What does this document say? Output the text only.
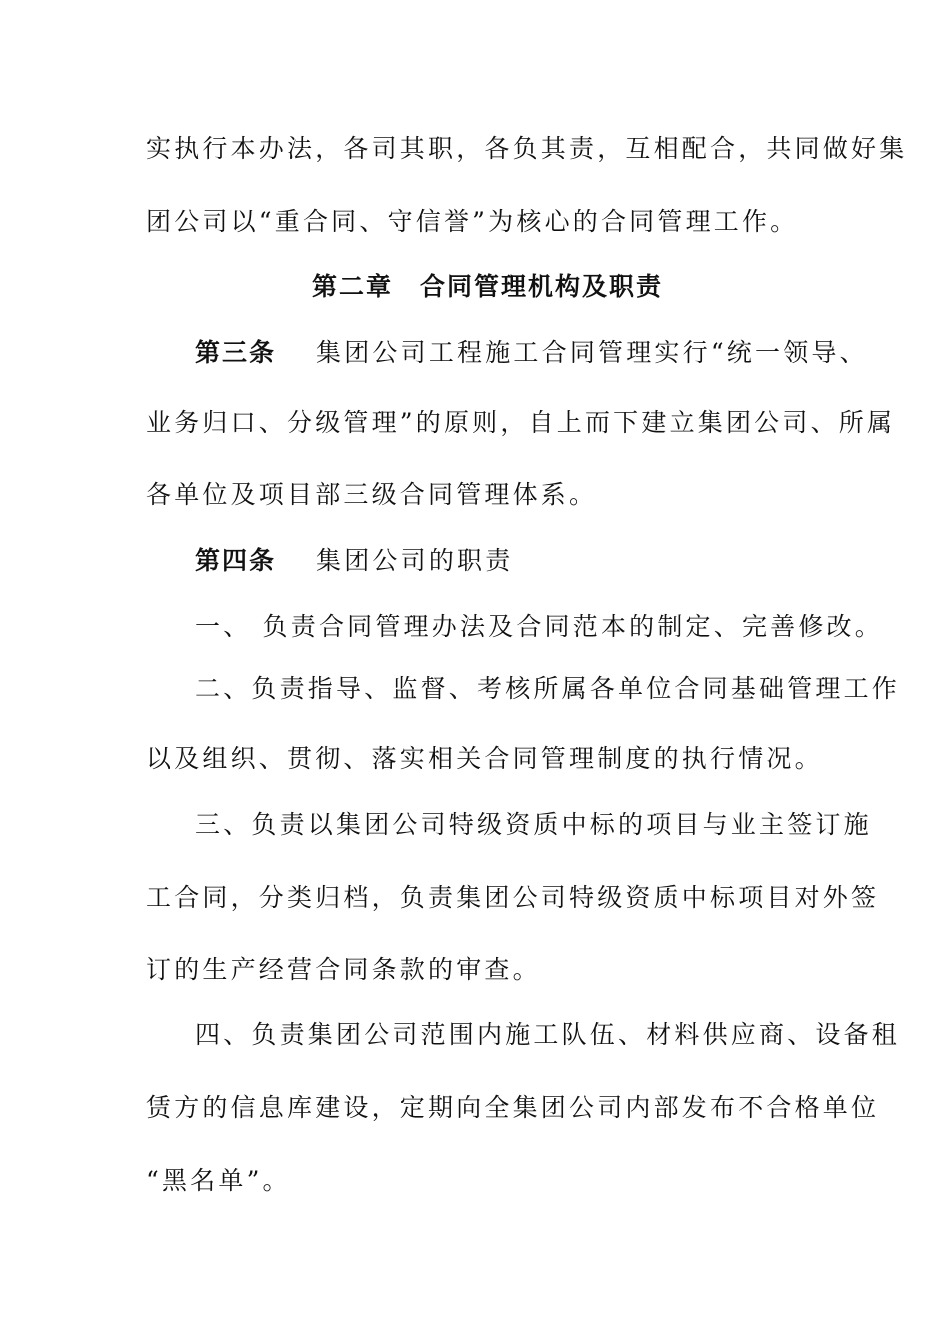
实执行本办法，各司其职，各负其责，互相配合，共同做好集
团公司以“重合同、守信誉”为核心的合同管理工作。
第二章　合同管理机构及职责
第三条 集团公司工程施工合同管理实行“统一领导、
业务归口、分级管理”的原则，自上而下建立集团公司、所属
各单位及项目部三级合同管理体系。
第四条 集团公司的职责
一、 负责合同管理办法及合同范本的制定、完善修改。
二、负责指导、监督、考核所属各单位合同基础管理工作
以及组织、贯彻、落实相关合同管理制度的执行情况。
三、负责以集团公司特级资质中标的项目与业主签订施
工合同，分类归档，负责集团公司特级资质中标项目对外签
订的生产经营合同条款的审查。
四、负责集团公司范围内施工队伍、材料供应商、设备租
赁方的信息库建设，定期向全集团公司内部发布不合格单位
“黑名单”。
